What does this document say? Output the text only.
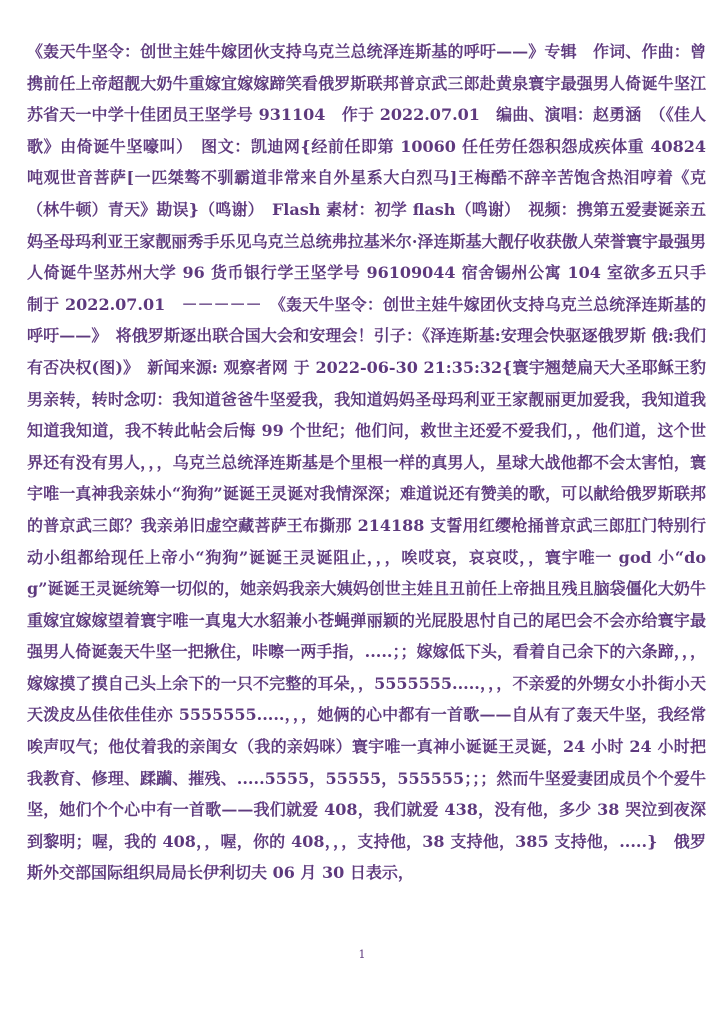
《轰天牛坚令：创世主娃牛嫁团伙支持乌克兰总统泽连斯基的呼吁——》专辑　作词、作曲：曾携前任上帝超靓大奶牛重嫁宜嫁嫁蹄笑看俄罗斯联邦普京武三郎赴黄泉寰宇最强男人倚诞牛坚江苏省天一中学十佳团员王坚学号 931104　作于 2022.07.01　编曲、演唱：赵勇涵　（《佳人歌》由倚诞牛坚嚎叫）　图文：凯迪网{经前任即第 10060 任任劳任怨积怨成疾体重 40824 吨观世音菩萨[一匹桀骜不驯霸道非常来自外星系大白烈马]王梅酷不辞辛苦饱含热泪哼着《克（林牛顿）青天》勘误}（鸣谢）　Flash 素材：初学 flash（鸣谢）　视频：携第五爱妻诞亲五妈圣母玛利亚王家靓丽秀手乐见乌克兰总统弗拉基米尔·泽连斯基大靓仔收获傲人荣誉寰宇最强男人倚诞牛坚苏州大学 96 货币银行学王坚学号 96109044 宿舍锡州公寓 104 室欲多五只手 制于 2022.07.01　－－－－－　《轰天牛坚令：创世主娃牛嫁团伙支持乌克兰总统泽连斯基的呼吁——》　将俄罗斯逐出联合国大会和安理会！引子：《泽连斯基:安理会快驱逐俄罗斯 俄:我们有否决权(图)》　新闻来源: 观察者网 于 2022-06-30 21:35:32{寰宇翘楚扁天大圣耶稣王豹男亲转，转时念叨：我知道爸爸牛坚爱我，我知道妈妈圣母玛利亚王家靓丽更加爱我，我知道我知道我知道，我不转此帖会后悔 99 个世纪；他们问，救世主还爱不爱我们，，他们道，这个世界还有没有男人，，，乌克兰总统泽连斯基是个里根一样的真男人，星球大战他都不会太害怕，寰宇唯一真神我亲妹小“狗狗”诞诞王灵诞对我情深深；难道说还有赞美的歌，可以献给俄罗斯联邦的普京武三郎？我亲弟旧虚空藏菩萨王布撕那 214188 支誓用红缨枪捅普京武三郎肛门特别行动小组都给现任上帝小“狗狗”诞诞王灵诞阻止，，，唉哎哀，哀哀哎，，寰宇唯一 god 小“dog”诞诞王灵诞统筹一切似的，她亲妈我亲大姨妈创世主娃且丑前任上帝拙且残且脑袋僵化大奶牛重嫁宜嫁嫁望着寰宇唯一真鬼大水貂兼小苍蝇弹丽颖的光屁股思忖自己的尾巴会不会亦给寰宇最强男人倚诞轰天牛坚一把揪住，咔嚓一两手指，.....；；嫁嫁低下头，看着自己余下的六条蹄，，，嫁嫁摸了摸自己头上余下的一只不完整的耳朵，，5555555.....，，，不亲爱的外甥女小扑街小天天泼皮丛佳依佳佳亦 5555555.....，，，她俩的心中都有一首歌——自从有了轰天牛坚，我经常唉声叹气；他仗着我的亲闺女（我的亲妈咪）寰宇唯一真神小诞诞王灵诞，24 小时 24 小时把我教育、修理、蹂躏、摧残、.....5555，55555，555555；；；然而牛坚爱妻团成员个个爱牛坚，她们个个心中有一首歌——我们就爱 408，我们就爱 438，没有他，多少 38 哭泣到夜深到黎明；喔，我的 408，，喔，你的 408，，，支持他，38 支持他，385 支持他，.....}　俄罗斯外交部国际组织局局长伊利切夫 06 月 30 日表示，

1
